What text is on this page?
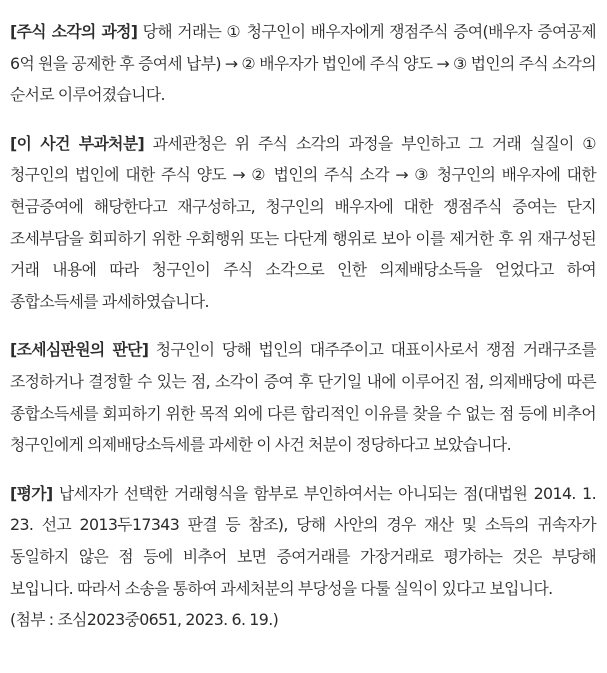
[주식 소각의 과정] 당해 거래는 ① 청구인이 배우자에게 쟁점주식 증여(배우자 증여공제 6억 원을 공제한 후 증여세 납부) → ② 배우자가 법인에 주식 양도 → ③ 법인의 주식 소각의 순서로 이루어졌습니다.

[이 사건 부과처분] 과세관청은 위 주식 소각의 과정을 부인하고 그 거래 실질이 ① 청구인의 법인에 대한 주식 양도 → ② 법인의 주식 소각 → ③ 청구인의 배우자에 대한 현금증여에 해당한다고 재구성하고, 청구인의 배우자에 대한 쟁점주식 증여는 단지 조세부담을 회피하기 위한 우회행위 또는 다단계 행위로 보아 이를 제거한 후 위 재구성된 거래 내용에 따라 청구인이 주식 소각으로 인한 의제배당소득을 얻었다고 하여 종합소득세를 과세하였습니다.

[조세심판원의 판단] 청구인이 당해 법인의 대주주이고 대표이사로서 쟁점 거래구조를 조정하거나 결정할 수 있는 점, 소각이 증여 후 단기일 내에 이루어진 점, 의제배당에 따른 종합소득세를 회피하기 위한 목적 외에 다른 합리적인 이유를 찾을 수 없는 점 등에 비추어 청구인에게 의제배당소득세를 과세한 이 사건 처분이 정당하다고 보았습니다.

[평가] 납세자가 선택한 거래형식을 함부로 부인하여서는 아니되는 점(대법원 2014. 1. 23. 선고 2013두17343 판결 등 참조), 당해 사안의 경우 재산 및 소득의 귀속자가 동일하지 않은 점 등에 비추어 보면 증여거래를 가장거래로 평가하는 것은 부당해 보입니다. 따라서 소송을 통하여 과세처분의 부당성을 다툴 실익이 있다고 보입니다.
(첨부 : 조심2023중0651, 2023. 6. 19.)
